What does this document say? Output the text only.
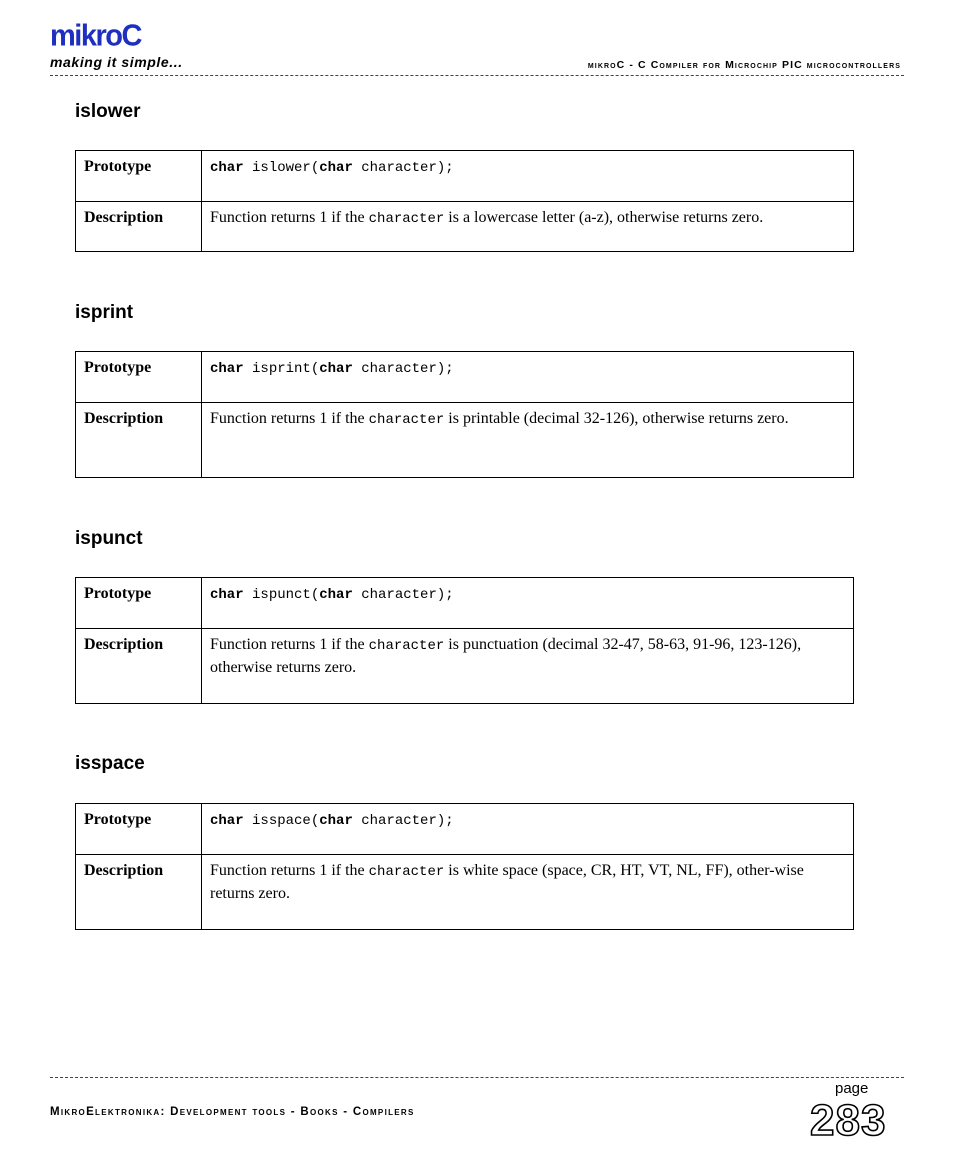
mikroC
making it simple...	mikroC - C Compiler for Microchip PIC microcontrollers
islower
Prototype	char islower(char character);
Description	Function returns 1 if the character is a lowercase letter (a-z), otherwise returns zero.
isprint
Prototype	char isprint(char character);
Description	Function returns 1 if the character is printable (decimal 32-126), otherwise returns zero.
ispunct
Prototype	char ispunct(char character);
Description	Function returns 1 if the character is punctuation (decimal 32-47, 58-63, 91-96, 123-126), otherwise returns zero.
isspace
Prototype	char isspace(char character);
Description	Function returns 1 if the character is white space (space, CR, HT, VT, NL, FF), other-wise returns zero.
page
MikroElektronika: Development tools - Books - Compilers	283
